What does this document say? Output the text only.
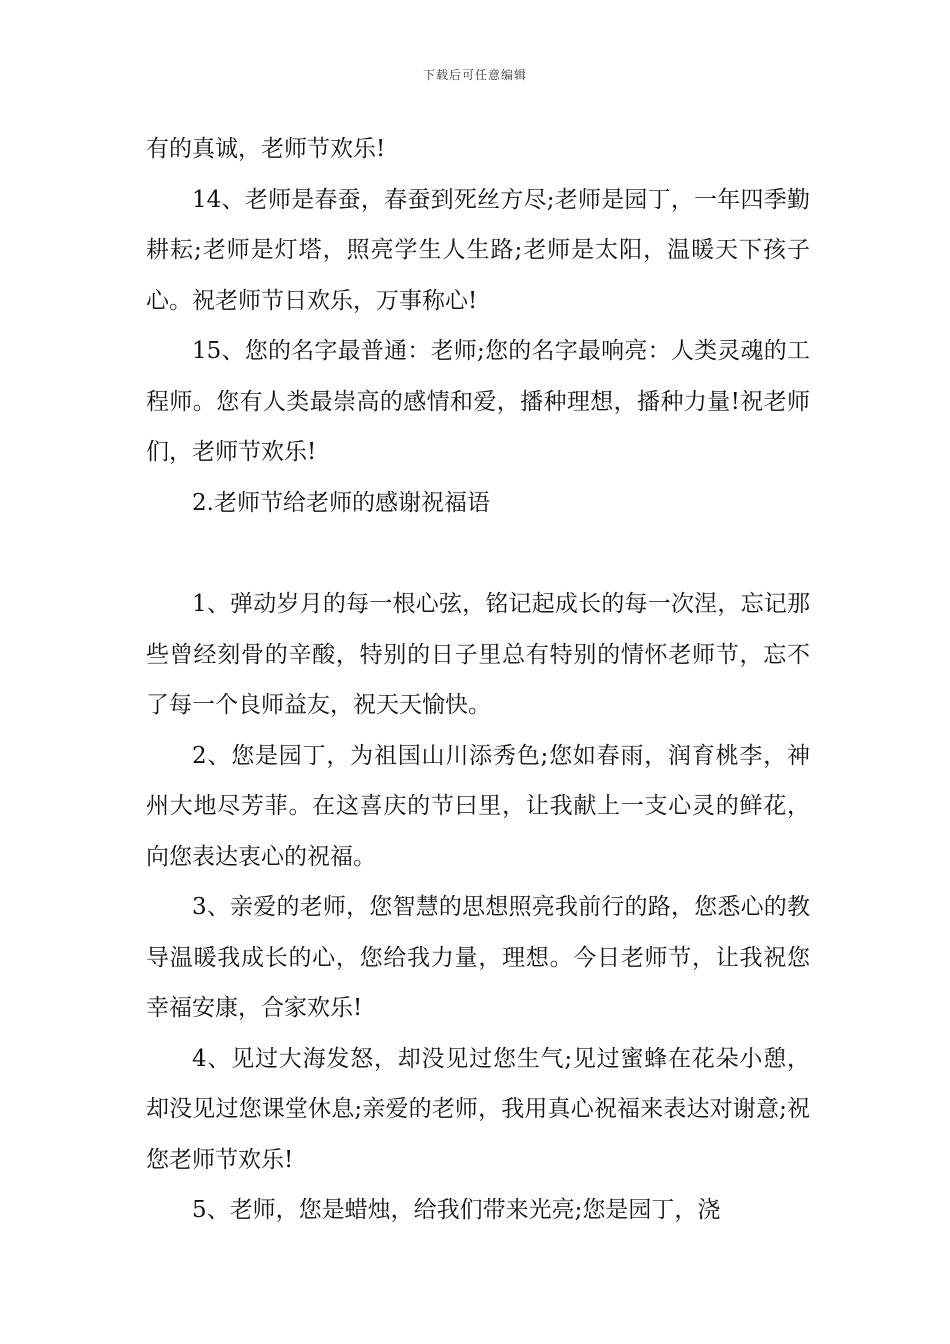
下载后可任意编辑

有的真诚，老师节欢乐!

14、老师是春蚕，春蚕到死丝方尽;老师是园丁，一年四季勤耕耘;老师是灯塔，照亮学生人生路;老师是太阳，温暖天下孩子心。祝老师节日欢乐，万事称心!

15、您的名字最普通：老师;您的名字最响亮：人类灵魂的工程师。您有人类最崇高的感情和爱，播种理想，播种力量!祝老师们，老师节欢乐!

2.老师节给老师的感谢祝福语

1、弹动岁月的每一根心弦，铭记起成长的每一次涅，忘记那些曾经刻骨的辛酸，特别的日子里总有特别的情怀老师节，忘不了每一个良师益友，祝天天愉快。

2、您是园丁，为祖国山川添秀色;您如春雨，润育桃李，神州大地尽芳菲。在这喜庆的节曰里，让我献上一支心灵的鲜花，向您表达衷心的祝福。

3、亲爱的老师，您智慧的思想照亮我前行的路，您悉心的教导温暖我成长的心，您给我力量，理想。今日老师节，让我祝您幸福安康，合家欢乐!

4、见过大海发怒，却没见过您生气;见过蜜蜂在花朵小憩，却没见过您课堂休息;亲爱的老师，我用真心祝福来表达对谢意;祝您老师节欢乐!

5、老师，您是蜡烛，给我们带来光亮;您是园丁，浇
